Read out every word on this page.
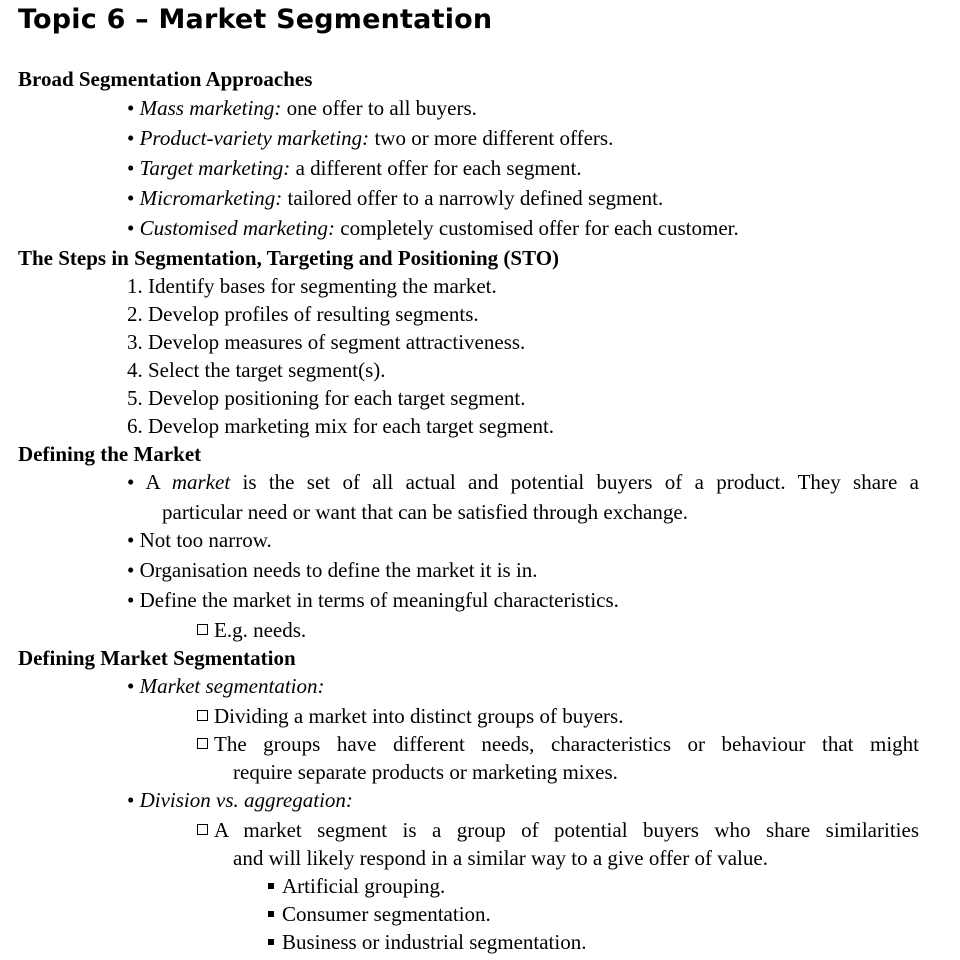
Topic 6 – Market Segmentation
Broad Segmentation Approaches
• Mass marketing: one offer to all buyers.
• Product-variety marketing: two or more different offers.
• Target marketing: a different offer for each segment.
• Micromarketing: tailored offer to a narrowly defined segment.
• Customised marketing: completely customised offer for each customer.
The Steps in Segmentation, Targeting and Positioning (STO)
1. Identify bases for segmenting the market.
2. Develop profiles of resulting segments.
3. Develop measures of segment attractiveness.
4. Select the target segment(s).
5. Develop positioning for each target segment.
6. Develop marketing mix for each target segment.
Defining the Market
• A market is the set of all actual and potential buyers of a product. They share a
particular need or want that can be satisfied through exchange.
• Not too narrow.
• Organisation needs to define the market it is in.
• Define the market in terms of meaningful characteristics.
E.g. needs.
Defining Market Segmentation
• Market segmentation:
Dividing a market into distinct groups of buyers.
The groups have different needs, characteristics or behaviour that might
require separate products or marketing mixes.
• Division vs. aggregation:
A market segment is a group of potential buyers who share similarities
and will likely respond in a similar way to a give offer of value.
Artificial grouping.
Consumer segmentation.
Business or industrial segmentation.
